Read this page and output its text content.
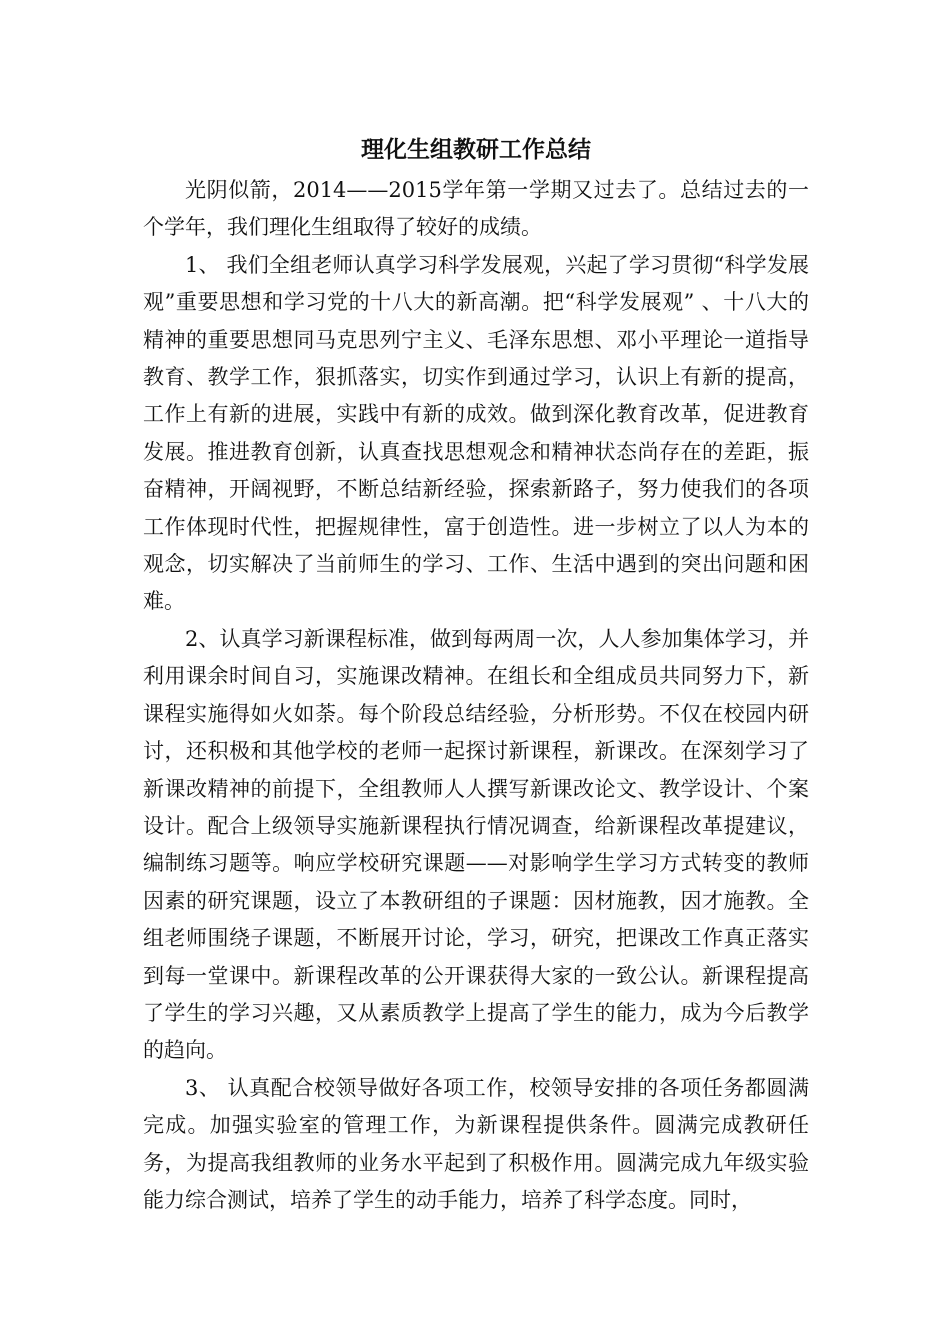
理化生组教研工作总结

光阴似箭，2014——2015学年第一学期又过去了。总结过去的一个学年，我们理化生组取得了较好的成绩。

1、 我们全组老师认真学习科学发展观，兴起了学习贯彻“科学发展观”重要思想和学习党的十八大的新高潮。把“科学发展观” 、十八大的精神的重要思想同马克思列宁主义、毛泽东思想、邓小平理论一道指导教育、教学工作，狠抓落实，切实作到通过学习，认识上有新的提高，工作上有新的进展，实践中有新的成效。做到深化教育改革，促进教育发展。推进教育创新，认真查找思想观念和精神状态尚存在的差距，振奋精神，开阔视野，不断总结新经验，探索新路子，努力使我们的各项工作体现时代性，把握规律性，富于创造性。进一步树立了以人为本的观念，切实解决了当前师生的学习、工作、生活中遇到的突出问题和困难。

2、认真学习新课程标准，做到每两周一次，人人参加集体学习，并利用课余时间自习，实施课改精神。在组长和全组成员共同努力下，新课程实施得如火如荼。每个阶段总结经验，分析形势。不仅在校园内研讨，还积极和其他学校的老师一起探讨新课程，新课改。在深刻学习了新课改精神的前提下，全组教师人人撰写新课改论文、教学设计、个案设计。配合上级领导实施新课程执行情况调查，给新课程改革提建议，编制练习题等。响应学校研究课题——对影响学生学习方式转变的教师因素的研究课题，设立了本教研组的子课题：因材施教，因才施教。全组老师围绕子课题，不断展开讨论，学习，研究，把课改工作真正落实到每一堂课中。新课程改革的公开课获得大家的一致公认。新课程提高了学生的学习兴趣，又从素质教学上提高了学生的能力，成为今后教学的趋向。

3、 认真配合校领导做好各项工作，校领导安排的各项任务都圆满完成。加强实验室的管理工作，为新课程提供条件。圆满完成教研任务，为提高我组教师的业务水平起到了积极作用。圆满完成九年级实验能力综合测试，培养了学生的动手能力，培养了科学态度。同时，
